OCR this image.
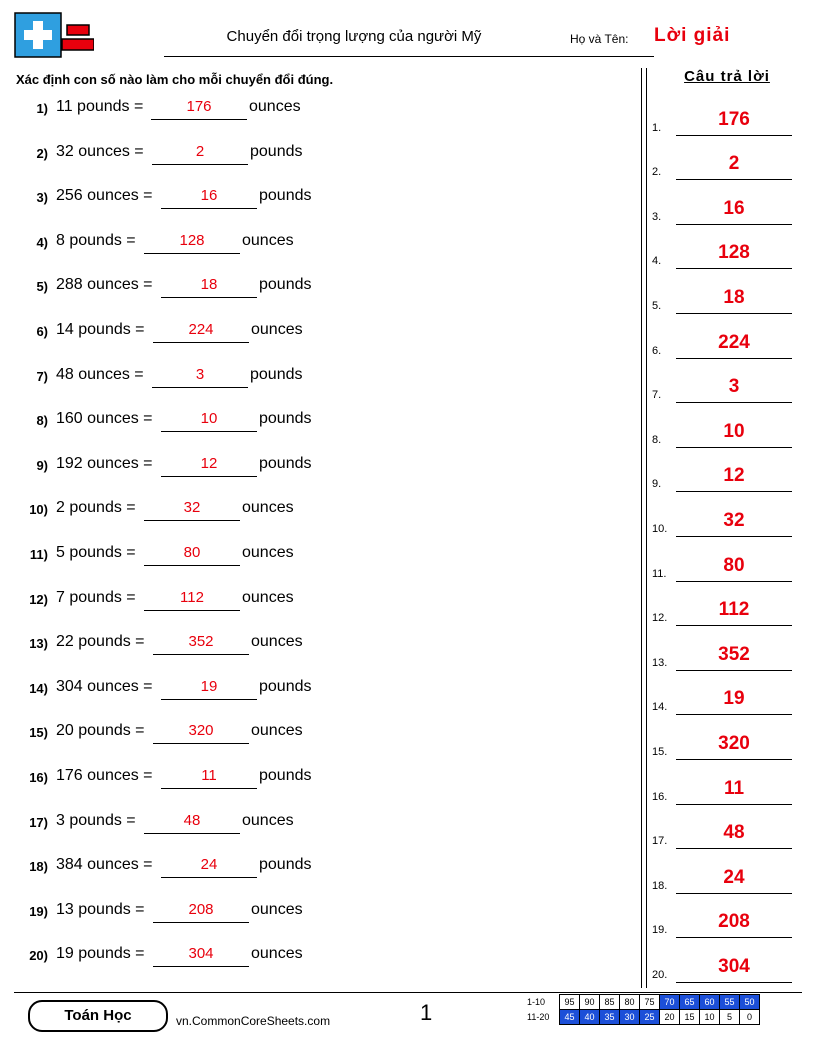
Chuyển đổi trọng lượng của người Mỹ	Họ và Tên: Lời giải
Xác định con số nào làm cho mỗi chuyển đổi đúng.
1) 11 pounds =	176	ounces
2) 32 ounces =	2	pounds
3) 256 ounces =	16	pounds
4) 8 pounds =	128	ounces
5) 288 ounces =	18	pounds
6) 14 pounds =	224	ounces
7) 48 ounces =	3	pounds
8) 160 ounces =	10	pounds
9) 192 ounces =	12	pounds
10) 2 pounds =	32	ounces
11) 5 pounds =	80	ounces
12) 7 pounds =	112	ounces
13) 22 pounds =	352	ounces
14) 304 ounces =	19	pounds
15) 20 pounds =	320	ounces
16) 176 ounces =	11	pounds
17) 3 pounds =	48	ounces
18) 384 ounces =	24	pounds
19) 13 pounds =	208	ounces
20) 19 pounds =	304	ounces
Câu trả lời
1.	176
2.	2
3.	16
4.	128
5.	18
6.	224
7.	3
8.	10
9.	12
10.	32
11.	80
12.	112
13.	352
14.	19
15.	320
16.	11
17.	48
18.	24
19.	208
20.	304
Toán Học	vn.CommonCoreSheets.com	1	1-10	95	90	85	80	75	70	65	60	55	50
11-20	45	40	35	30	25	20	15	10	5	0
